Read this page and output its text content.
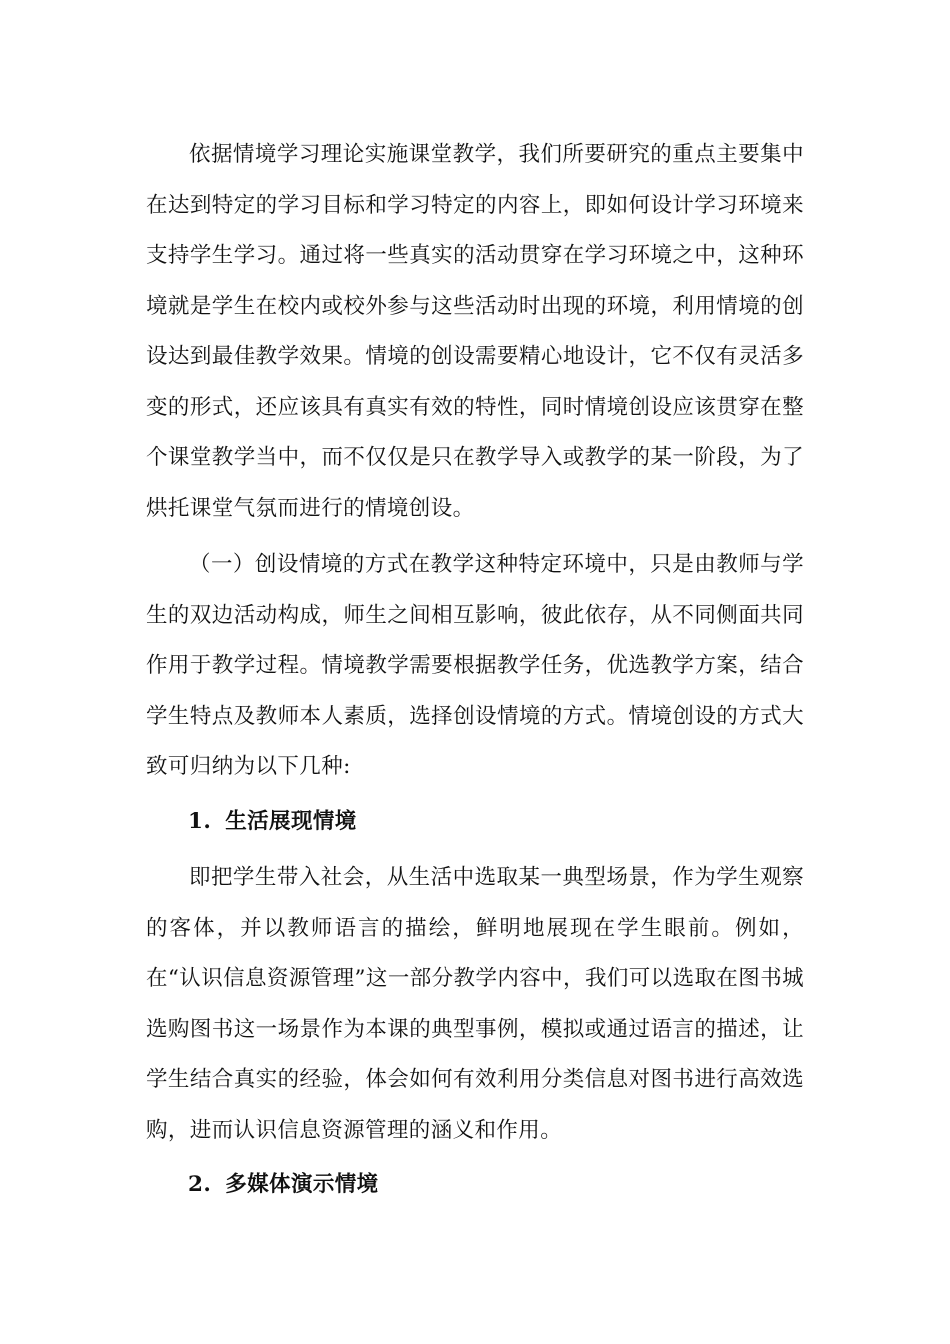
依据情境学习理论实施课堂教学，我们所要研究的重点主要集中在达到特定的学习目标和学习特定的内容上，即如何设计学习环境来支持学生学习。通过将一些真实的活动贯穿在学习环境之中，这种环境就是学生在校内或校外参与这些活动时出现的环境，利用情境的创设达到最佳教学效果。情境的创设需要精心地设计，它不仅有灵活多变的形式，还应该具有真实有效的特性，同时情境创设应该贯穿在整个课堂教学当中，而不仅仅是只在教学导入或教学的某一阶段，为了烘托课堂气氛而进行的情境创设。

（一）创设情境的方式在教学这种特定环境中，只是由教师与学生的双边活动构成，师生之间相互影响，彼此依存，从不同侧面共同作用于教学过程。情境教学需要根据教学任务，优选教学方案，结合学生特点及教师本人素质，选择创设情境的方式。情境创设的方式大致可归纳为以下几种:

1. 生活展现情境

即把学生带入社会，从生活中选取某一典型场景，作为学生观察的客体，并以教师语言的描绘，鲜明地展现在学生眼前。例如，在“认识信息资源管理”这一部分教学内容中，我们可以选取在图书城选购图书这一场景作为本课的典型事例，模拟或通过语言的描述，让学生结合真实的经验，体会如何有效利用分类信息对图书进行高效选购，进而认识信息资源管理的涵义和作用。

2. 多媒体演示情境
